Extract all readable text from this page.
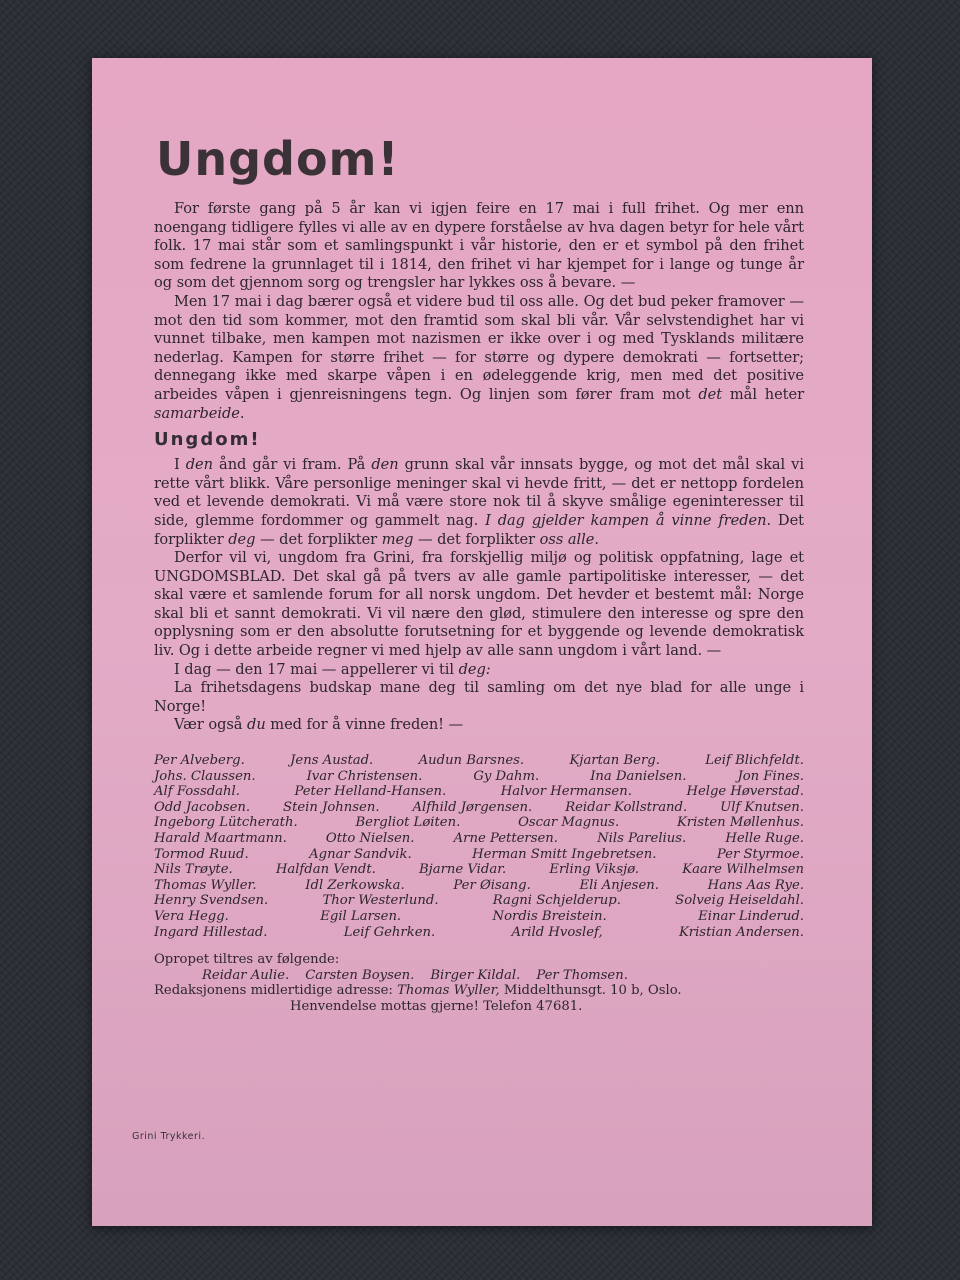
Ungdom!

For første gang på 5 år kan vi igjen feire en 17 mai i full frihet. Og mer enn noengang tidligere fylles vi alle av en dypere forståelse av hva dagen betyr for hele vårt folk. 17 mai står som et samlingspunkt i vår historie, den er et symbol på den frihet som fedrene la grunnlaget til i 1814, den frihet vi har kjempet for i lange og tunge år og som det gjennom sorg og trengsler har lykkes oss å bevare. —

Men 17 mai i dag bærer også et videre bud til oss alle. Og det bud peker framover — mot den tid som kommer, mot den framtid som skal bli vår. Vår selvstendighet har vi vunnet tilbake, men kampen mot nazismen er ikke over i og med Tysklands militære nederlag. Kampen for større frihet — for større og dypere demokrati — fortsetter; dennegang ikke med skarpe våpen i en ødeleggende krig, men med det positive arbeides våpen i gjenreisningens tegn. Og linjen som fører fram mot det mål heter samarbeide.

Ungdom!

I den ånd går vi fram. På den grunn skal vår innsats bygge, og mot det mål skal vi rette vårt blikk. Våre personlige meninger skal vi hevde fritt, — det er nettopp fordelen ved et levende demokrati. Vi må være store nok til å skyve smålige egeninteresser til side, glemme fordommer og gammelt nag. I dag gjelder kampen å vinne freden. Det forplikter deg — det forplikter meg — det forplikter oss alle.

Derfor vil vi, ungdom fra Grini, fra forskjellig miljø og politisk oppfatning, lage et UNGDOMSBLAD. Det skal gå på tvers av alle gamle partipolitiske interesser, — det skal være et samlende forum for all norsk ungdom. Det hevder et bestemt mål: Norge skal bli et sannt demokrati. Vi vil nære den glød, stimulere den interesse og spre den opplysning som er den absolutte forutsetning for et byggende og levende demokratisk liv. Og i dette arbeide regner vi med hjelp av alle sann ungdom i vårt land. —

I dag — den 17 mai — appellerer vi til deg:

La frihetsdagens budskap mane deg til samling om det nye blad for alle unge i Norge!

Vær også du med for å vinne freden! —

Per Alveberg.	Jens Austad.	Audun Barsnes.	Kjartan Berg.	Leif Blichfeldt.
Johs. Claussen.	Ivar Christensen.	Gy Dahm.	Ina Danielsen.	Jon Fines.
Alf Fossdahl.	Peter Helland-Hansen.	Halvor Hermansen.	Helge Høverstad.
Odd Jacobsen. Stein Johnsen. Alfhild Jørgensen. Reidar Kollstrand. Ulf Knutsen.
Ingeborg Lütcherath.	Bergliot Løiten.	Oscar Magnus.	Kristen Møllenhus.
Harald Maartmann.	Otto Nielsen.	Arne Pettersen.	Nils Parelius.	Helle Ruge.
Tormod Ruud.	Agnar Sandvik.	Herman Smitt Ingebretsen.	Per Styrmoe.
Nils Trøyte.	Halfdan Vendt.	Bjarne Vidar.	Erling Viksjø.	Kaare Wilhelmsen
Thomas Wyller.	Idl Zerkowska.	Per Øisang.	Eli Anjesen.	Hans Aas Rye.
Henry Svendsen.	Thor Westerlund.	Ragni Schjelderup.	Solveig Heiseldahl.
Vera Hegg.	Egil Larsen.	Nordis Breistein.	Einar Linderud.
Ingard Hillestad.	Leif Gehrken.	Arild Hvoslef,	Kristian Andersen.
Opropet tiltres av følgende:
Reidar Aulie. Carsten Boysen. Birger Kildal. Per Thomsen.
Redaksjonens midlertidige adresse: Thomas Wyller, Middelthunsgt. 10 b, Oslo.
Henvendelse mottas gjerne! Telefon 47681.
Grini Trykkeri.
